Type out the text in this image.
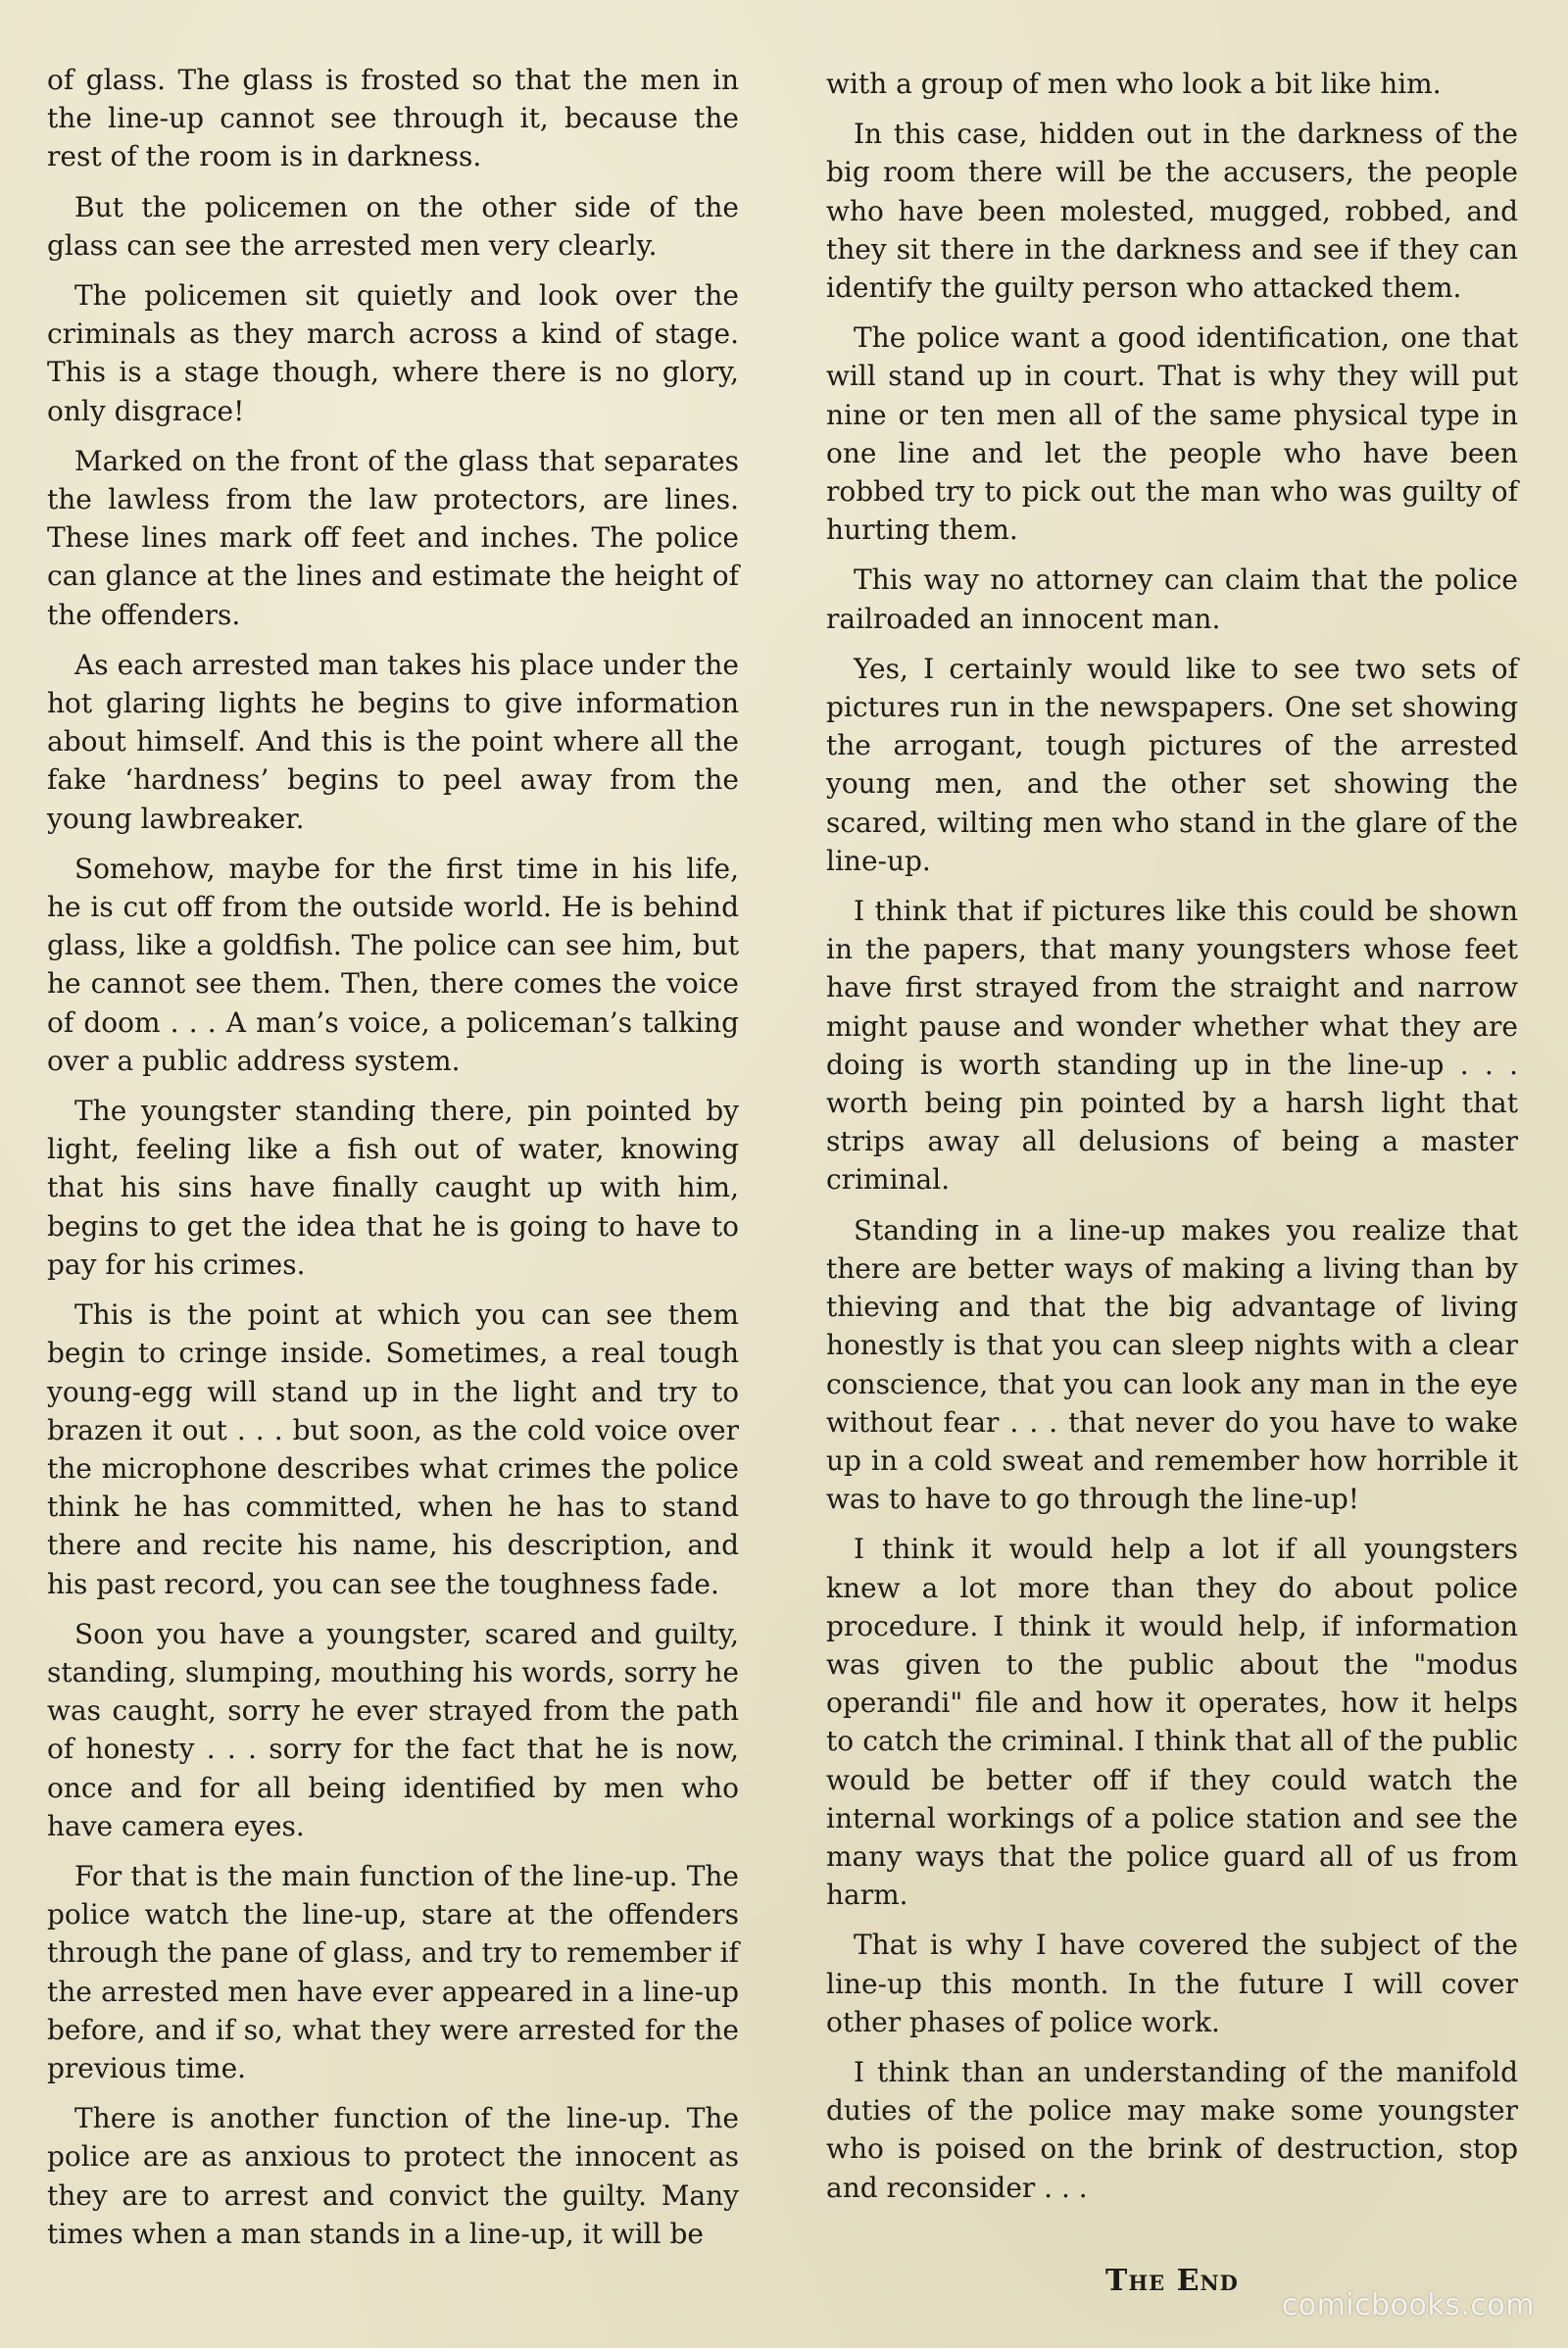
of glass. The glass is frosted so that the men in the line-up cannot see through it, because the rest of the room is in darkness.

But the policemen on the other side of the glass can see the arrested men very clearly.

The policemen sit quietly and look over the criminals as they march across a kind of stage. This is a stage though, where there is no glory, only disgrace!

Marked on the front of the glass that separates the lawless from the law protectors, are lines. These lines mark off feet and inches. The police can glance at the lines and estimate the height of the offenders.

As each arrested man takes his place under the hot glaring lights he begins to give information about himself. And this is the point where all the fake ‘hardness’ begins to peel away from the young lawbreaker.

Somehow, maybe for the first time in his life, he is cut off from the outside world. He is behind glass, like a goldfish. The police can see him, but he cannot see them. Then, there comes the voice of doom . . . A man’s voice, a policeman’s talking over a public address system.

The youngster standing there, pin pointed by light, feeling like a fish out of water, knowing that his sins have finally caught up with him, begins to get the idea that he is going to have to pay for his crimes.

This is the point at which you can see them begin to cringe inside. Sometimes, a real tough young-egg will stand up in the light and try to brazen it out . . . but soon, as the cold voice over the microphone describes what crimes the police think he has committed, when he has to stand there and recite his name, his description, and his past record, you can see the toughness fade.

Soon you have a youngster, scared and guilty, standing, slumping, mouthing his words, sorry he was caught, sorry he ever strayed from the path of honesty . . . sorry for the fact that he is now, once and for all being identified by men who have camera eyes.

For that is the main function of the line-up. The police watch the line-up, stare at the offenders through the pane of glass, and try to remember if the arrested men have ever appeared in a line-up before, and if so, what they were arrested for the previous time.

There is another function of the line-up. The police are as anxious to protect the innocent as they are to arrest and convict the guilty. Many times when a man stands in a line-up, it will be

with a group of men who look a bit like him.

In this case, hidden out in the darkness of the big room there will be the accusers, the people who have been molested, mugged, robbed, and they sit there in the darkness and see if they can identify the guilty person who attacked them.

The police want a good identification, one that will stand up in court. That is why they will put nine or ten men all of the same physical type in one line and let the people who have been robbed try to pick out the man who was guilty of hurting them.

This way no attorney can claim that the police railroaded an innocent man.

Yes, I certainly would like to see two sets of pictures run in the newspapers. One set showing the arrogant, tough pictures of the arrested young men, and the other set showing the scared, wilting men who stand in the glare of the line-up.

I think that if pictures like this could be shown in the papers, that many youngsters whose feet have first strayed from the straight and narrow might pause and wonder whether what they are doing is worth standing up in the line-up . . . worth being pin pointed by a harsh light that strips away all delusions of being a master criminal.

Standing in a line-up makes you realize that there are better ways of making a living than by thieving and that the big advantage of living honestly is that you can sleep nights with a clear conscience, that you can look any man in the eye without fear . . . that never do you have to wake up in a cold sweat and remember how horrible it was to have to go through the line-up!

I think it would help a lot if all youngsters knew a lot more than they do about police procedure. I think it would help, if information was given to the public about the "modus operandi" file and how it operates, how it helps to catch the criminal. I think that all of the public would be better off if they could watch the internal workings of a police station and see the many ways that the police guard all of us from harm.

That is why I have covered the subject of the line-up this month. In the future I will cover other phases of police work.

I think than an understanding of the manifold duties of the police may make some youngster who is poised on the brink of destruction, stop and reconsider . . .

The End
comicbooks.com
